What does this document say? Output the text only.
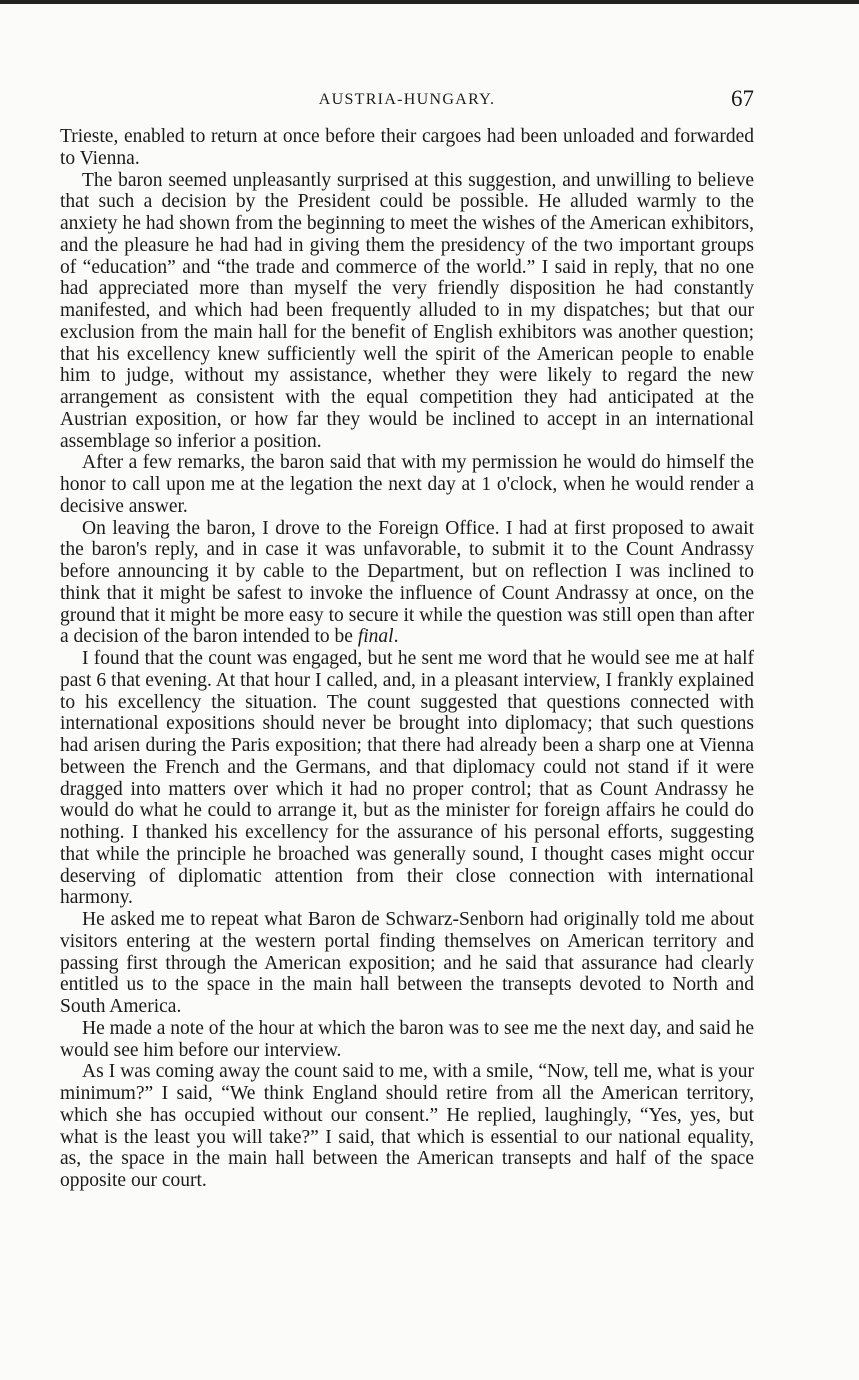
AUSTRIA-HUNGARY.	67

Trieste, enabled to return at once before their cargoes had been unloaded and forwarded to Vienna.

The baron seemed unpleasantly surprised at this suggestion, and unwilling to believe that such a decision by the President could be possible. He alluded warmly to the anxiety he had shown from the beginning to meet the wishes of the American exhibitors, and the pleasure he had had in giving them the presidency of the two important groups of “education” and “the trade and commerce of the world.” I said in reply, that no one had appreciated more than myself the very friendly disposition he had constantly manifested, and which had been frequently alluded to in my dispatches; but that our exclusion from the main hall for the benefit of English exhibitors was another question; that his excellency knew sufficiently well the spirit of the American people to enable him to judge, without my assistance, whether they were likely to regard the new arrangement as consistent with the equal competition they had anticipated at the Austrian exposition, or how far they would be inclined to accept in an international assemblage so inferior a position.

After a few remarks, the baron said that with my permission he would do himself the honor to call upon me at the legation the next day at 1 o'clock, when he would render a decisive answer.

On leaving the baron, I drove to the Foreign Office. I had at first proposed to await the baron's reply, and in case it was unfavorable, to submit it to the Count Andrassy before announcing it by cable to the Department, but on reflection I was inclined to think that it might be safest to invoke the influence of Count Andrassy at once, on the ground that it might be more easy to secure it while the question was still open than after a decision of the baron intended to be final.

I found that the count was engaged, but he sent me word that he would see me at half past 6 that evening. At that hour I called, and, in a pleasant interview, I frankly explained to his excellency the situation. The count suggested that questions connected with international expositions should never be brought into diplomacy; that such questions had arisen during the Paris exposition; that there had already been a sharp one at Vienna between the French and the Germans, and that diplomacy could not stand if it were dragged into matters over which it had no proper control; that as Count Andrassy he would do what he could to arrange it, but as the minister for foreign affairs he could do nothing. I thanked his excellency for the assurance of his personal efforts, suggesting that while the principle he broached was generally sound, I thought cases might occur deserving of diplomatic attention from their close connection with international harmony.

He asked me to repeat what Baron de Schwarz-Senborn had originally told me about visitors entering at the western portal finding themselves on American territory and passing first through the American exposition; and he said that assurance had clearly entitled us to the space in the main hall between the transepts devoted to North and South America.

He made a note of the hour at which the baron was to see me the next day, and said he would see him before our interview.

As I was coming away the count said to me, with a smile, “Now, tell me, what is your minimum?” I said, “We think England should retire from all the American territory, which she has occupied without our consent.” He replied, laughingly, “Yes, yes, but what is the least you will take?” I said, that which is essential to our national equality, as, the space in the main hall between the American transepts and half of the space opposite our court.
